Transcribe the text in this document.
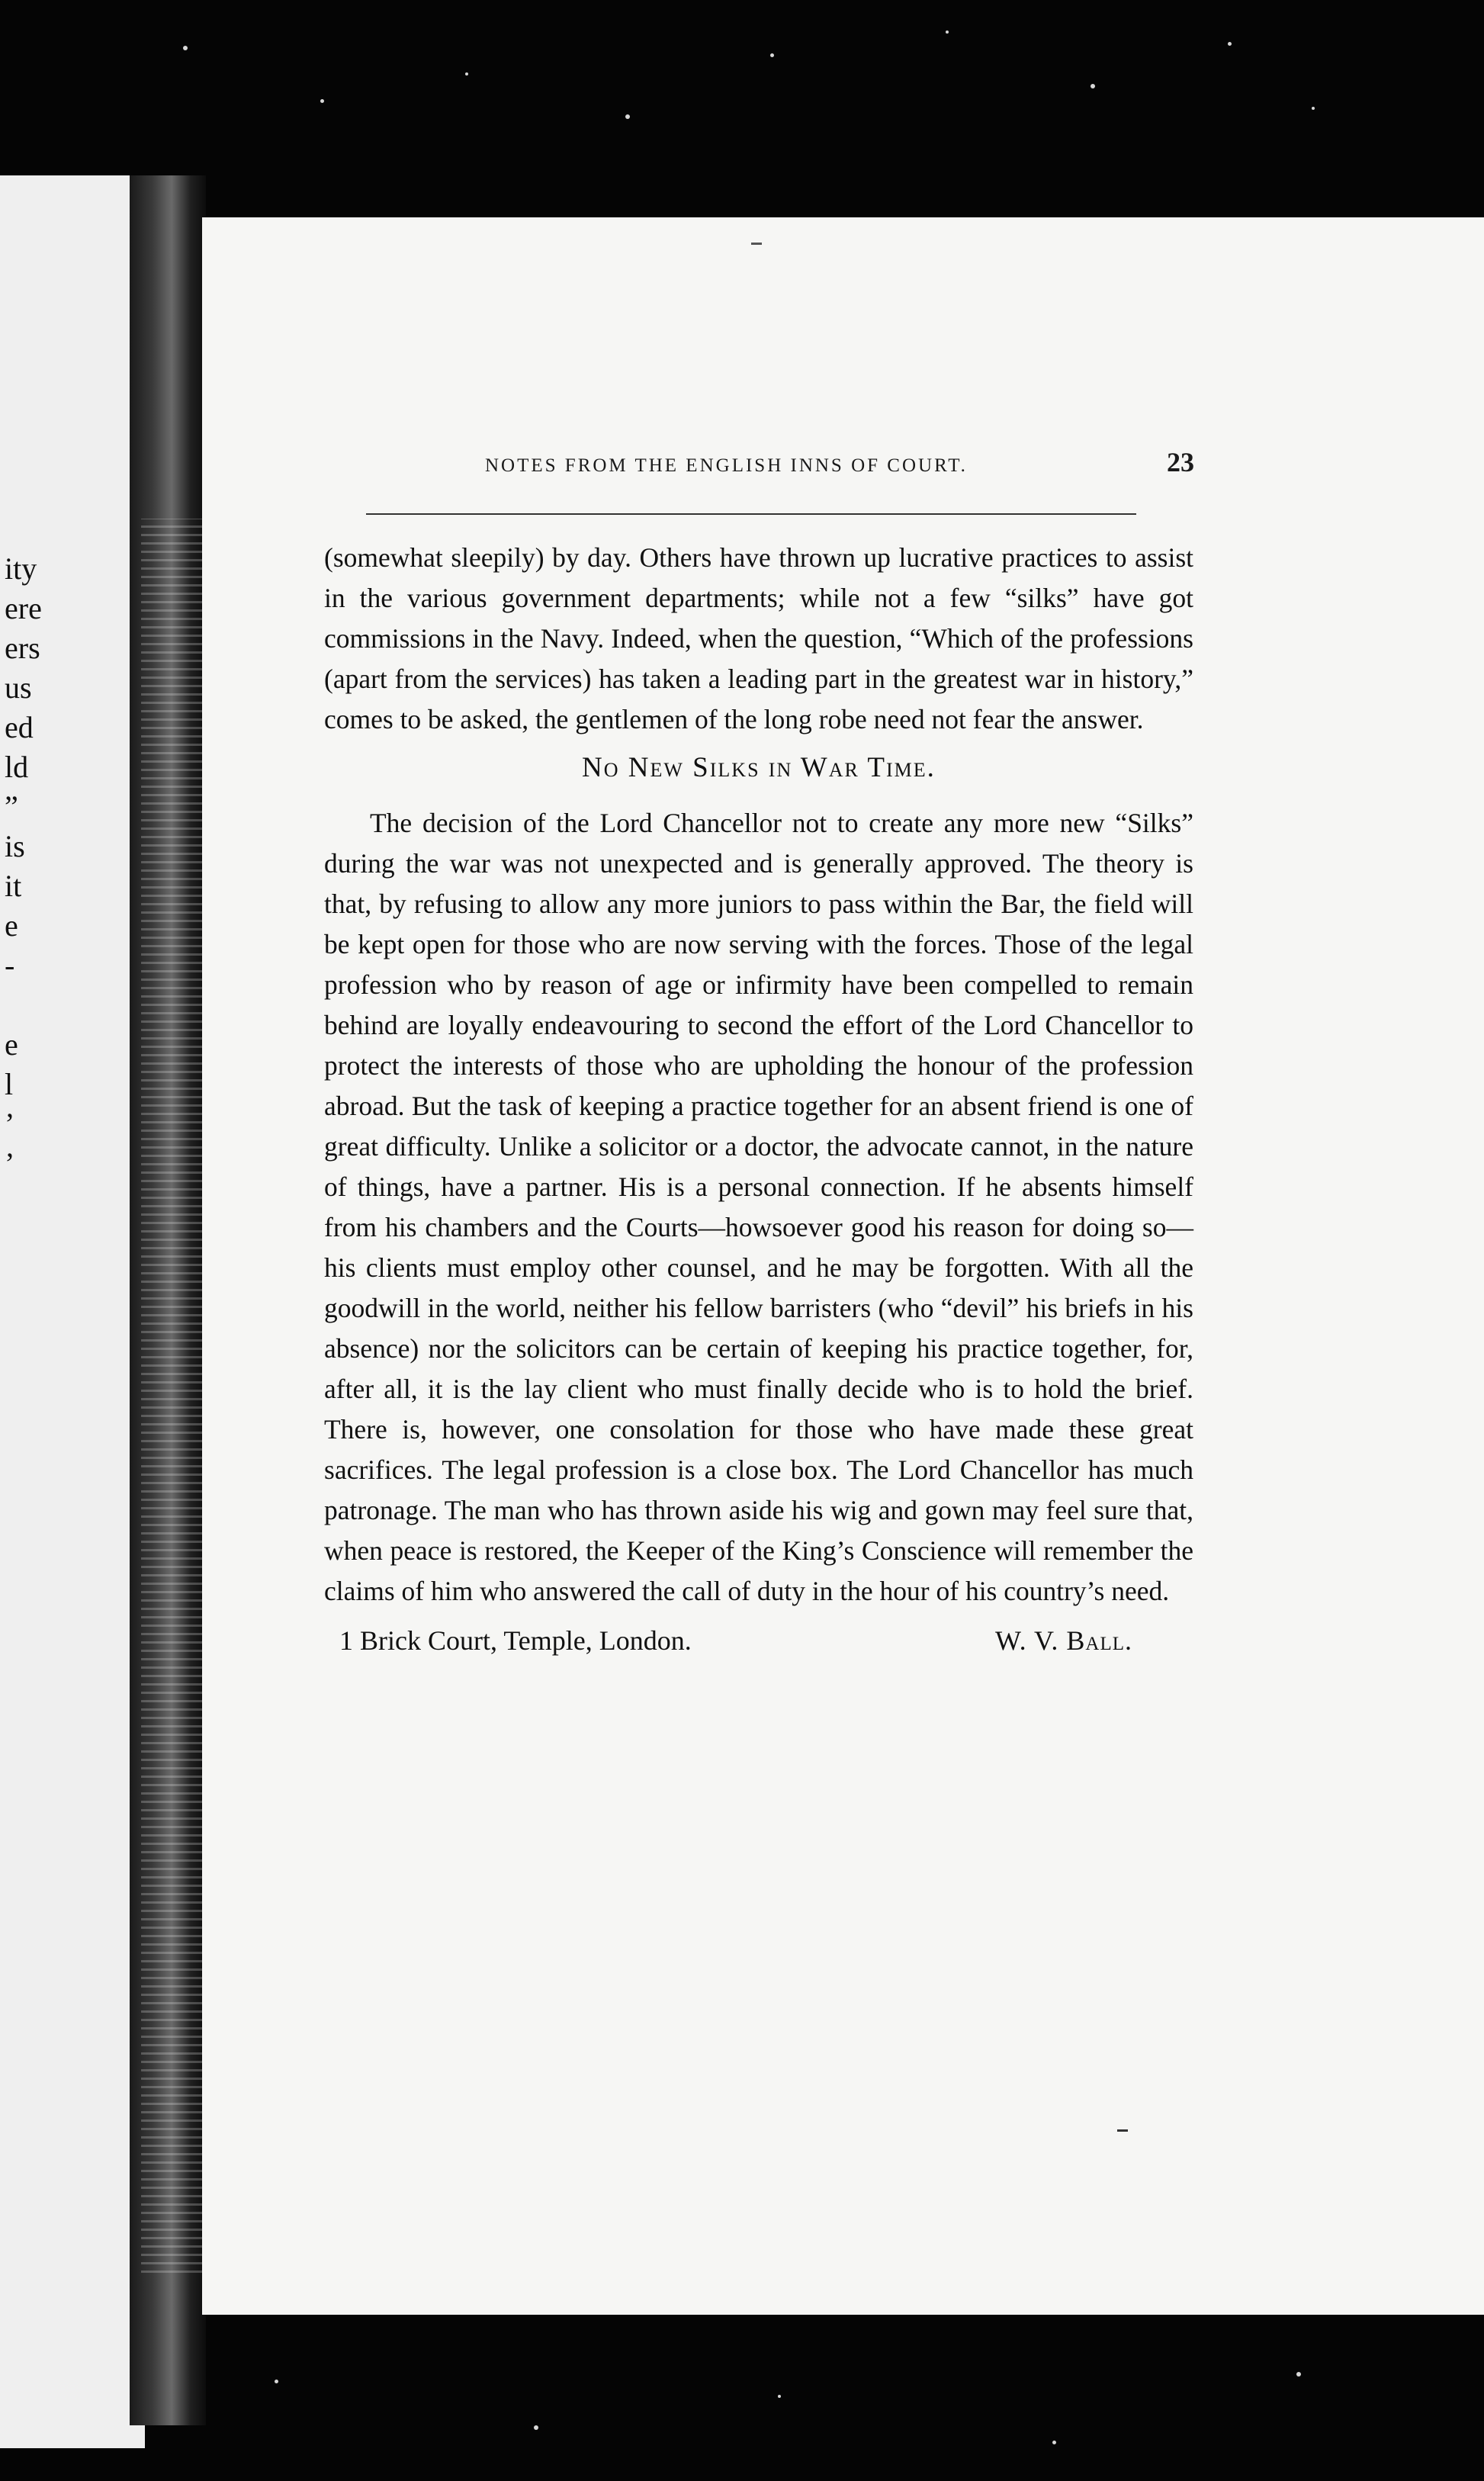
ity
ere
ers
us
ed
ld
”
is
it
e
-
e
l
’
’
NOTES FROM THE ENGLISH INNS OF COURT.	23

(somewhat sleepily) by day. Others have thrown up lucrative practices to assist in the various government departments; while not a few “silks” have got commissions in the Navy. Indeed, when the question, “Which of the professions (apart from the services) has taken a leading part in the greatest war in history,” comes to be asked, the gentlemen of the long robe need not fear the answer.

No New Silks in War Time.

The decision of the Lord Chancellor not to create any more new “Silks” during the war was not unexpected and is generally approved. The theory is that, by refusing to allow any more juniors to pass within the Bar, the field will be kept open for those who are now serving with the forces. Those of the legal profession who by reason of age or infirmity have been compelled to remain behind are loyally endeavouring to second the effort of the Lord Chancellor to protect the interests of those who are upholding the honour of the profession abroad. But the task of keeping a practice together for an absent friend is one of great difficulty. Unlike a solicitor or a doctor, the advocate cannot, in the nature of things, have a partner. His is a personal connection. If he absents himself from his chambers and the Courts—howsoever good his reason for doing so—his clients must employ other counsel, and he may be forgotten. With all the goodwill in the world, neither his fellow barristers (who “devil” his briefs in his absence) nor the solicitors can be certain of keeping his practice together, for, after all, it is the lay client who must finally decide who is to hold the brief. There is, however, one consolation for those who have made these great sacrifices. The legal profession is a close box. The Lord Chancellor has much patronage. The man who has thrown aside his wig and gown may feel sure that, when peace is restored, the Keeper of the King’s Conscience will remember the claims of him who answered the call of duty in the hour of his country’s need.

1 Brick Court, Temple, London.	W. V. Ball.
